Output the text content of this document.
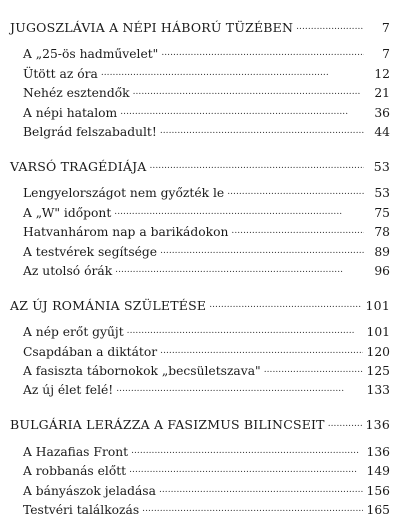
JUGOSZLÁVIA A NÉPI HÁBORÚ TÜZÉBEN . . .	7
A „25-ös hadművelet" . . .	7
Ütött az óra . . .	12
Nehéz esztendők . . .	21
A népi hatalom . . .	36
Belgrád felszabadult! . . .	44
VARSÓ TRAGÉDIÁJA . . .	53
Lengyelországot nem győzték le . . .	53
A „W" időpont . . .	75
Hatvanhárom nap a barikádokon . . .	78
A testvérek segítsége . . .	89
Az utolsó órák . . .	96
AZ ÚJ ROMÁNIA SZÜLETÉSE . . .	101
A nép erőt gyűjt . . .	101
Csapdában a diktátor . . .	120
A fasiszta tábornokok „becsületszava" . . .	125
Az új élet felé! . . .	133
BULGÁRIA LERÁZZA A FASIZMUS BILINCSEIT . . .	136
A Hazafias Front . . .	136
A robbanás előtt . . .	149
A bányászok jeladása . . .	156
Testvéri találkozás . . .	165
